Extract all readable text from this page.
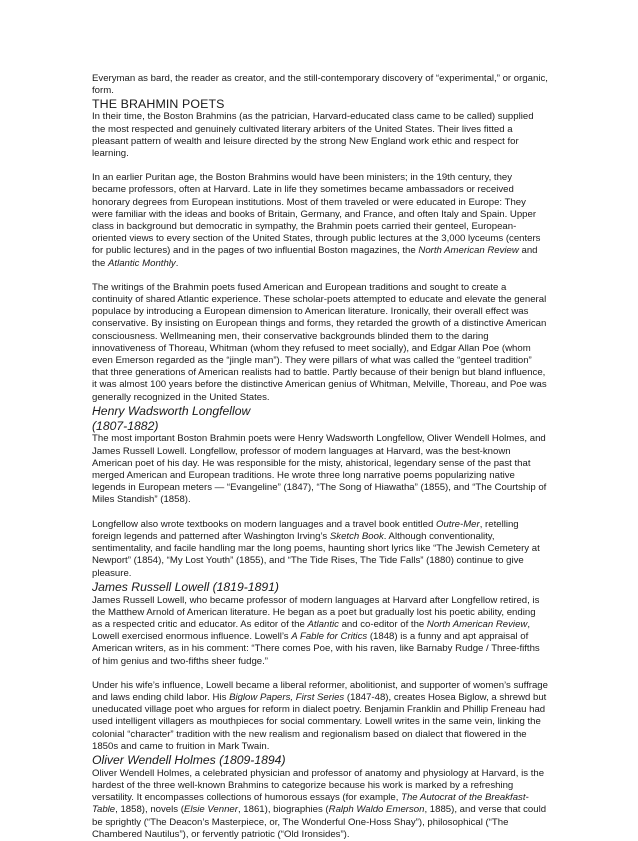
Everyman as bard, the reader as creator, and the still-contemporary discovery of “experimental,” or organic, form.

THE BRAHMIN POETS

In their time, the Boston Brahmins (as the patrician, Harvard-educated class came to be called) supplied the most respected and genuinely cultivated literary arbiters of the United States. Their lives fitted a pleasant pattern of wealth and leisure directed by the strong New England work ethic and respect for learning.

In an earlier Puritan age, the Boston Brahmins would have been ministers; in the 19th century, they became professors, often at Harvard. Late in life they sometimes became ambassadors or received honorary degrees from European institutions. Most of them traveled or were educated in Europe: They were familiar with the ideas and books of Britain, Germany, and France, and often Italy and Spain. Upper class in background but democratic in sympathy, the Brahmin poets carried their genteel, European-oriented views to every section of the United States, through public lectures at the 3,000 lyceums (centers for public lectures) and in the pages of two influential Boston magazines, the North American Review and the Atlantic Monthly.

The writings of the Brahmin poets fused American and European traditions and sought to create a continuity of shared Atlantic experience. These scholar-poets attempted to educate and elevate the general populace by introducing a European dimension to American literature. Ironically, their overall effect was conservative. By insisting on European things and forms, they retarded the growth of a distinctive American consciousness. Wellmeaning men, their conservative backgrounds blinded them to the daring innovativeness of Thoreau, Whitman (whom they refused to meet socially), and Edgar Allan Poe (whom even Emerson regarded as the “jingle man”). They were pillars of what was called the “genteel tradition” that three generations of American realists had to battle. Partly because of their benign but bland influence, it was almost 100 years before the distinctive American genius of Whitman, Melville, Thoreau, and Poe was generally recognized in the United States.

Henry Wadsworth Longfellow
(1807-1882)

The most important Boston Brahmin poets were Henry Wadsworth Longfellow, Oliver Wendell Holmes, and James Russell Lowell. Longfellow, professor of modern languages at Harvard, was the best-known American poet of his day. He was responsible for the misty, ahistorical, legendary sense of the past that merged American and European traditions. He wrote three long narrative poems popularizing native legends in European meters — “Evangeline” (1847), “The Song of Hiawatha” (1855), and “The Courtship of Miles Standish” (1858).

Longfellow also wrote textbooks on modern languages and a travel book entitled Outre-Mer, retelling foreign legends and patterned after Washington Irving’s Sketch Book. Although conventionality, sentimentality, and facile handling mar the long poems, haunting short lyrics like “The Jewish Cemetery at Newport” (1854), “My Lost Youth” (1855), and “The Tide Rises, The Tide Falls” (1880) continue to give pleasure.

James Russell Lowell (1819-1891)

James Russell Lowell, who became professor of modern languages at Harvard after Longfellow retired, is the Matthew Arnold of American literature. He began as a poet but gradually lost his poetic ability, ending as a respected critic and educator. As editor of the Atlantic and co-editor of the North American Review, Lowell exercised enormous influence. Lowell’s A Fable for Critics (1848) is a funny and apt appraisal of American writers, as in his comment: “There comes Poe, with his raven, like Barnaby Rudge / Three-fifths of him genius and two-fifths sheer fudge.”

Under his wife’s influence, Lowell became a liberal reformer, abolitionist, and supporter of women’s suffrage and laws ending child labor. His Biglow Papers, First Series (1847-48), creates Hosea Biglow, a shrewd but uneducated village poet who argues for reform in dialect poetry. Benjamin Franklin and Phillip Freneau had used intelligent villagers as mouthpieces for social commentary. Lowell writes in the same vein, linking the colonial “character” tradition with the new realism and regionalism based on dialect that flowered in the 1850s and came to fruition in Mark Twain.

Oliver Wendell Holmes (1809-1894)

Oliver Wendell Holmes, a celebrated physician and professor of anatomy and physiology at Harvard, is the hardest of the three well-known Brahmins to categorize because his work is marked by a refreshing versatility. It encompasses collections of humorous essays (for example, The Autocrat of the Breakfast-Table, 1858), novels (Elsie Venner, 1861), biographies (Ralph Waldo Emerson, 1885), and verse that could be sprightly (“The Deacon’s Masterpiece, or, The Wonderful One-Hoss Shay”), philosophical (“The Chambered Nautilus”), or fervently patriotic (“Old Ironsides”).
